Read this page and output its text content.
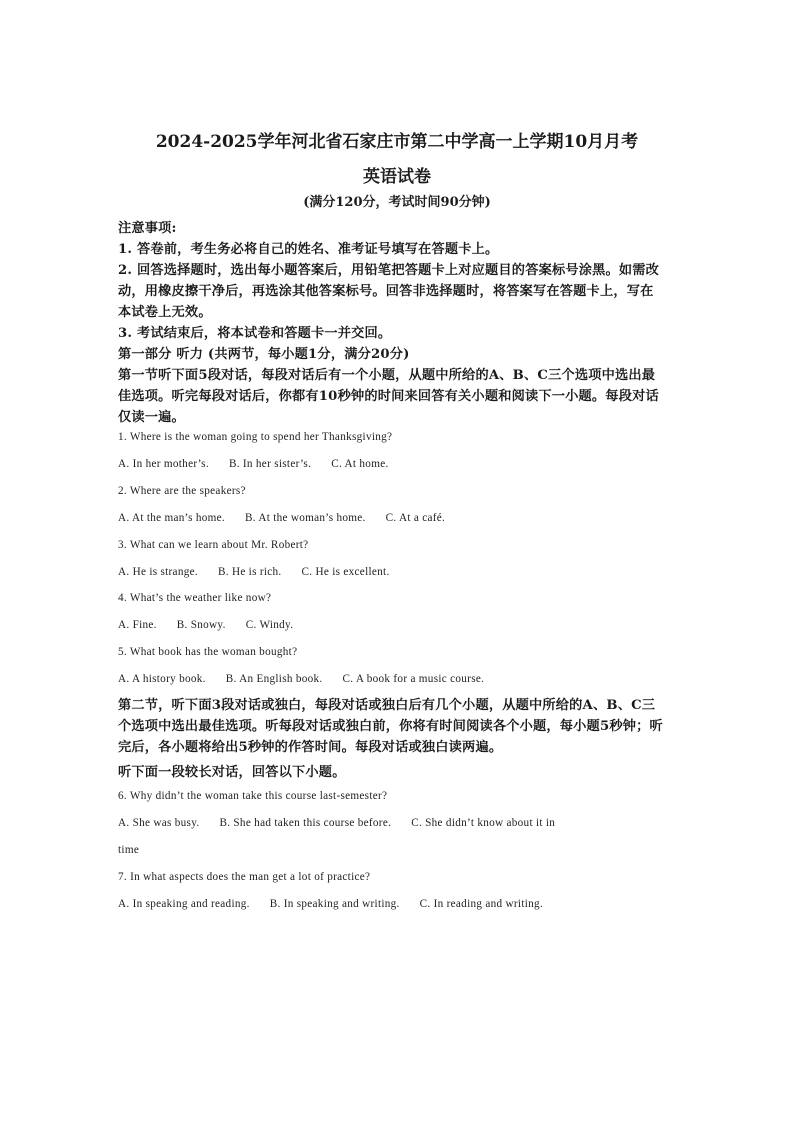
2024-2025学年河北省石家庄市第二中学高一上学期10月月考
英语试卷
(满分120分，考试时间90分钟)
注意事项:
1. 答卷前，考生务必将自己的姓名、准考证号填写在答题卡上。
2. 回答选择题时，选出每小题答案后，用铅笔把答题卡上对应题目的答案标号涂黑。如需改
动，用橡皮擦干净后，再选涂其他答案标号。回答非选择题时，将答案写在答题卡上，写在
本试卷上无效。
3. 考试结束后，将本试卷和答题卡一并交回。
第一部分 听力 (共两节，每小题1分，满分20分)
第一节听下面5段对话，每段对话后有一个小题，从题中所给的A、B、C三个选项中选出最
佳选项。听完每段对话后，你都有10秒钟的时间来回答有关小题和阅读下一小题。每段对话
仅读一遍。
1. Where is the woman going to spend her Thanksgiving?
A. In her mother’s. B. In her sister’s. C. At home.
2. Where are the speakers?
A. At the man’s home. B. At the woman’s home. C. At a café.
3. What can we learn about Mr. Robert?
A. He is strange. B. He is rich. C. He is excellent.
4. What’s the weather like now?
A. Fine. B. Snowy. C. Windy.
5. What book has the woman bought?
A. A history book. B. An English book. C. A book for a music course.
第二节，听下面3段对话或独白，每段对话或独白后有几个小题，从题中所给的A、B、C三
个选项中选出最佳选项。听每段对话或独白前，你将有时间阅读各个小题，每小题5秒钟；听
完后，各小题将给出5秒钟的作答时间。每段对话或独白读两遍。
听下面一段较长对话，回答以下小题。
6. Why didn’t the woman take this course last-semester?
A. She was busy. B. She had taken this course before. C. She didn’t know about it in
time
7. In what aspects does the man get a lot of practice?
A. In speaking and reading. B. In speaking and writing. C. In reading and writing.
